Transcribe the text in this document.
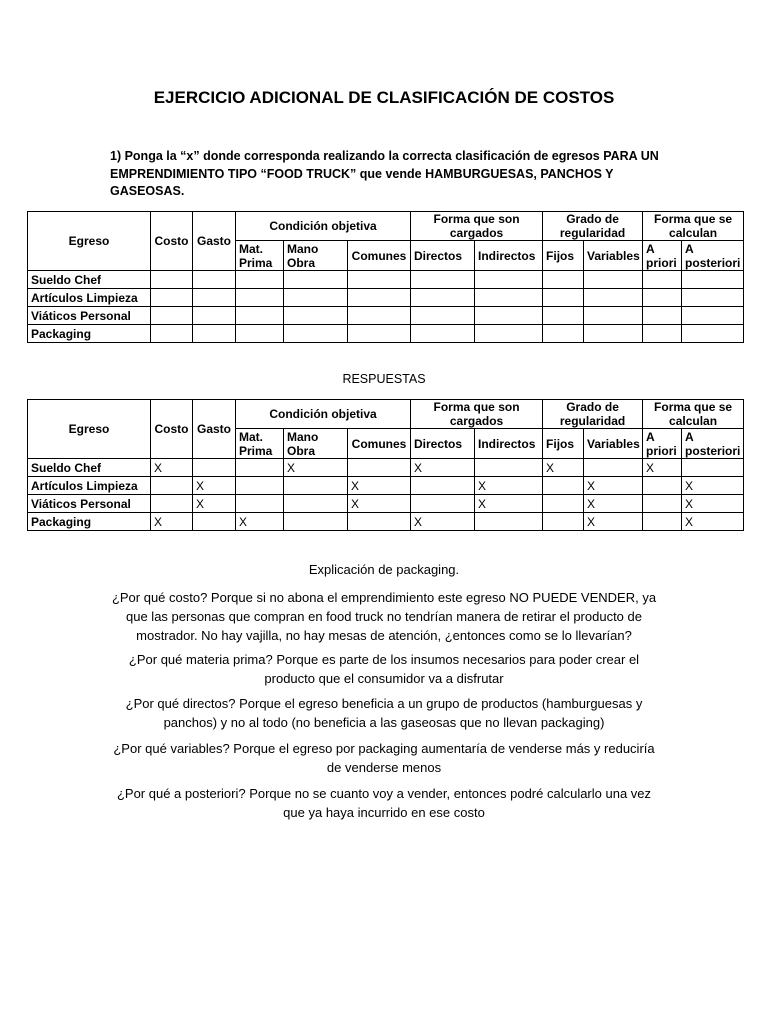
EJERCICIO ADICIONAL DE CLASIFICACIÓN DE COSTOS
1) Ponga la “x” donde corresponda realizando la correcta clasificación de egresos PARA UN EMPRENDIMIENTO TIPO “FOOD TRUCK” que vende HAMBURGUESAS, PANCHOS Y GASEOSAS.
Egreso	Costo	Gasto	Condición objetiva			Forma que son cargados		Grado de regularidad		Forma que se calculan	
			Mat. Prima	Mano Obra	Comunes	Directos	Indirectos	Fijos	Variables	A priori	A posteriori
Sueldo Chef											
Artículos Limpieza											
Viáticos Personal											
Packaging											
RESPUESTAS
Egreso	Costo	Gasto	Condición objetiva			Forma que son cargados		Grado de regularidad		Forma que se calculan	
			Mat. Prima	Mano Obra	Comunes	Directos	Indirectos	Fijos	Variables	A priori	A posteriori
Sueldo Chef	X			X		X		X		X	
Artículos Limpieza		X			X		X		X		X
Viáticos Personal		X			X		X		X		X
Packaging	X		X			X			X		X
Explicación de packaging.
¿Por qué costo? Porque si no abona el emprendimiento este egreso NO PUEDE VENDER, ya que las personas que compran en food truck no tendrían manera de retirar el producto de mostrador. No hay vajilla, no hay mesas de atención, ¿entonces como se lo llevarían?
¿Por qué materia prima? Porque es parte de los insumos necesarios para poder crear el producto que el consumidor va a disfrutar
¿Por qué directos? Porque el egreso beneficia a un grupo de productos (hamburguesas y panchos) y no al todo (no beneficia a las gaseosas que no llevan packaging)
¿Por qué variables? Porque el egreso por packaging aumentaría de venderse más y reduciría de venderse menos
¿Por qué a posteriori? Porque no se cuanto voy a vender, entonces podré calcularlo una vez que ya haya incurrido en ese costo
